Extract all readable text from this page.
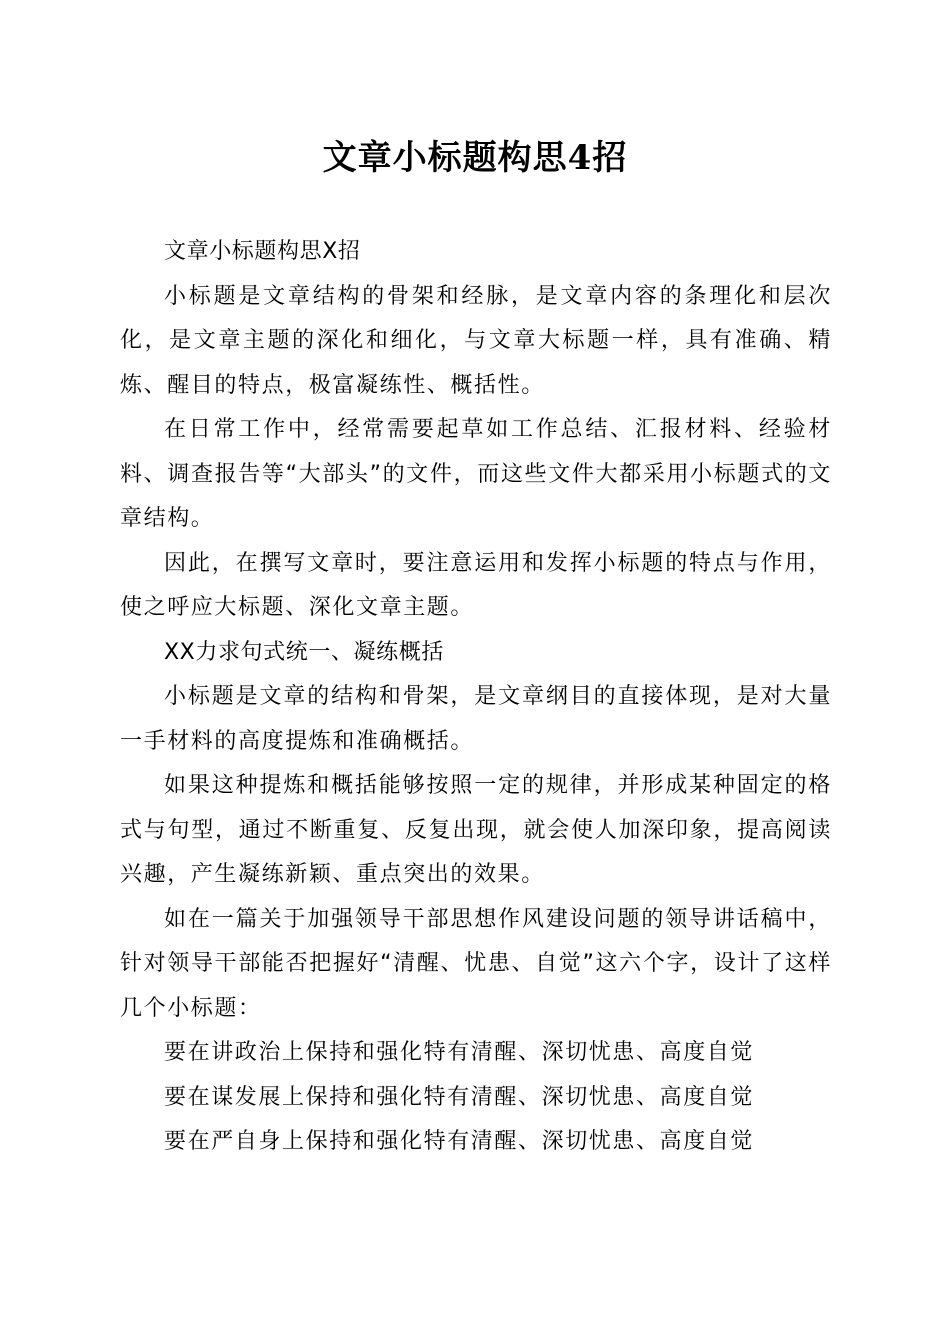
文章小标题构思4招

文章小标题构思X招

小标题是文章结构的骨架和经脉，是文章内容的条理化和层次化，是文章主题的深化和细化，与文章大标题一样，具有准确、精炼、醒目的特点，极富凝练性、概括性。

在日常工作中，经常需要起草如工作总结、汇报材料、经验材料、调查报告等“大部头”的文件，而这些文件大都采用小标题式的文章结构。

因此，在撰写文章时，要注意运用和发挥小标题的特点与作用，使之呼应大标题、深化文章主题。

XX力求句式统一、凝练概括

小标题是文章的结构和骨架，是文章纲目的直接体现，是对大量一手材料的高度提炼和准确概括。

如果这种提炼和概括能够按照一定的规律，并形成某种固定的格式与句型，通过不断重复、反复出现，就会使人加深印象，提高阅读兴趣，产生凝练新颖、重点突出的效果。

如在一篇关于加强领导干部思想作风建设问题的领导讲话稿中，针对领导干部能否把握好“清醒、忧患、自觉”这六个字，设计了这样几个小标题：

要在讲政治上保持和强化特有清醒、深切忧患、高度自觉

要在谋发展上保持和强化特有清醒、深切忧患、高度自觉

要在严自身上保持和强化特有清醒、深切忧患、高度自觉
